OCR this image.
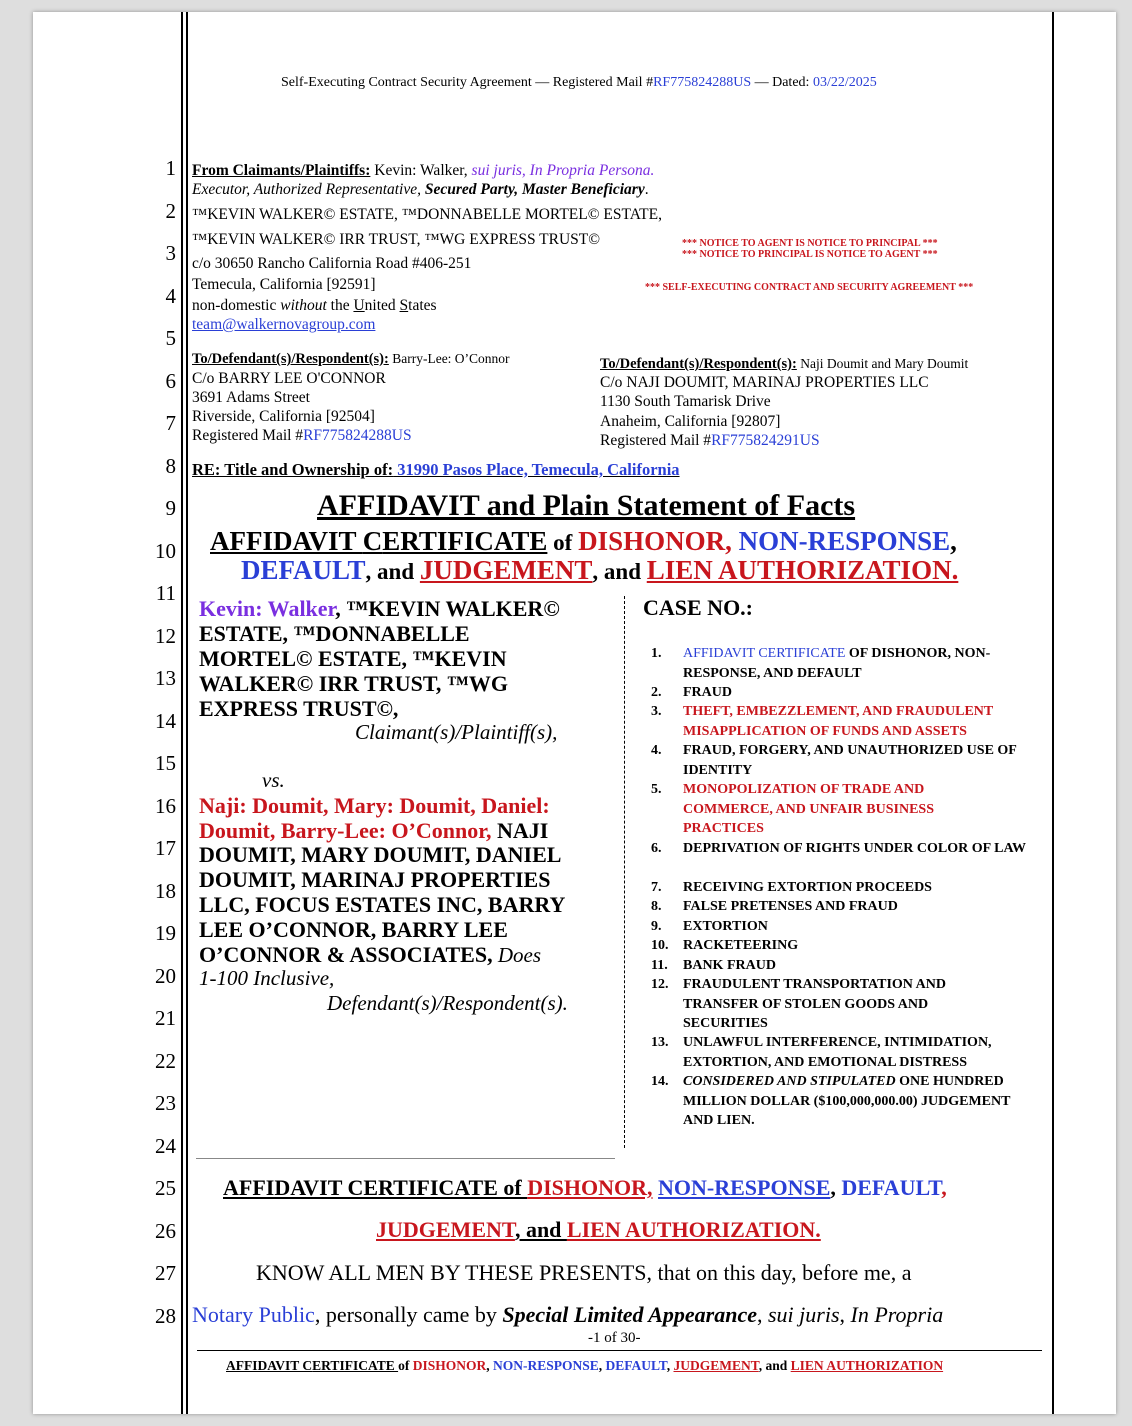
Self-Executing Contract Security Agreement — Registered Mail #RF775824288US — Dated: 03/22/2025
1
2
3
4
5
6
7
8
9
10
11
12
13
14
15
16
17
18
19
20
21
22
23
24
25
26
27
28
From Claimants/Plaintiffs: Kevin: Walker, sui juris, In Propria Persona.
Executor, Authorized Representative, Secured Party, Master Beneficiary.
™KEVIN WALKER© ESTATE, ™DONNABELLE MORTEL© ESTATE,
™KEVIN WALKER© IRR TRUST, ™WG EXPRESS TRUST©
c/o 30650 Rancho California Road #406-251
Temecula, California [92591]
non-domestic without the United States
team@walkernovagroup.com
*** NOTICE TO AGENT IS NOTICE TO PRINCIPAL ***
*** NOTICE TO PRINCIPAL IS NOTICE TO AGENT ***
*** SELF-EXECUTING CONTRACT AND SECURITY AGREEMENT ***
To/Defendant(s)/Respondent(s): Barry-Lee: O’Connor
C/o BARRY LEE O'CONNOR
3691 Adams Street
Riverside, California [92504]
Registered Mail #RF775824288US
To/Defendant(s)/Respondent(s): Naji Doumit and Mary Doumit
C/o NAJI DOUMIT, MARINAJ PROPERTIES LLC
1130 South Tamarisk Drive
Anaheim, California [92807]
Registered Mail #RF775824291US
RE: Title and Ownership of: 31990 Pasos Place, Temecula, California
AFFIDAVIT and Plain Statement of Facts
AFFIDAVIT CERTIFICATE of DISHONOR, NON-RESPONSE,
DEFAULT, and JUDGEMENT, and LIEN AUTHORIZATION.
Kevin: Walker, ™KEVIN WALKER©
ESTATE, ™DONNABELLE
MORTEL© ESTATE, ™KEVIN
WALKER© IRR TRUST, ™WG
EXPRESS TRUST©,
Claimant(s)/Plaintiff(s),
vs.
Naji: Doumit, Mary: Doumit, Daniel:
Doumit, Barry-Lee: O’Connor, NAJI
DOUMIT, MARY DOUMIT, DANIEL
DOUMIT, MARINAJ PROPERTIES
LLC, FOCUS ESTATES INC, BARRY
LEE O’CONNOR, BARRY LEE
O’CONNOR & ASSOCIATES, Does
1-100 Inclusive,
Defendant(s)/Respondent(s).
CASE NO.:
1. AFFIDAVIT CERTIFICATE OF DISHONOR, NON-RESPONSE, AND DEFAULT
2. FRAUD
3. THEFT, EMBEZZLEMENT, AND FRAUDULENT MISAPPLICATION OF FUNDS AND ASSETS
4. FRAUD, FORGERY, AND UNAUTHORIZED USE OF IDENTITY
5. MONOPOLIZATION OF TRADE AND COMMERCE, AND UNFAIR BUSINESS PRACTICES
6. DEPRIVATION OF RIGHTS UNDER COLOR OF LAW
7. RECEIVING EXTORTION PROCEEDS
8. FALSE PRETENSES AND FRAUD
9. EXTORTION
10. RACKETEERING
11. BANK FRAUD
12. FRAUDULENT TRANSPORTATION AND TRANSFER OF STOLEN GOODS AND SECURITIES
13. UNLAWFUL INTERFERENCE, INTIMIDATION, EXTORTION, AND EMOTIONAL DISTRESS
14. CONSIDERED AND STIPULATED ONE HUNDRED MILLION DOLLAR ($100,000,000.00) JUDGEMENT AND LIEN.
AFFIDAVIT CERTIFICATE of DISHONOR, NON-RESPONSE, DEFAULT,
JUDGEMENT, and LIEN AUTHORIZATION.
KNOW ALL MEN BY THESE PRESENTS, that on this day, before me, a
Notary Public, personally came by Special Limited Appearance, sui juris, In Propria
-1 of 30-
AFFIDAVIT CERTIFICATE of DISHONOR, NON-RESPONSE, DEFAULT, JUDGEMENT, and LIEN AUTHORIZATION
